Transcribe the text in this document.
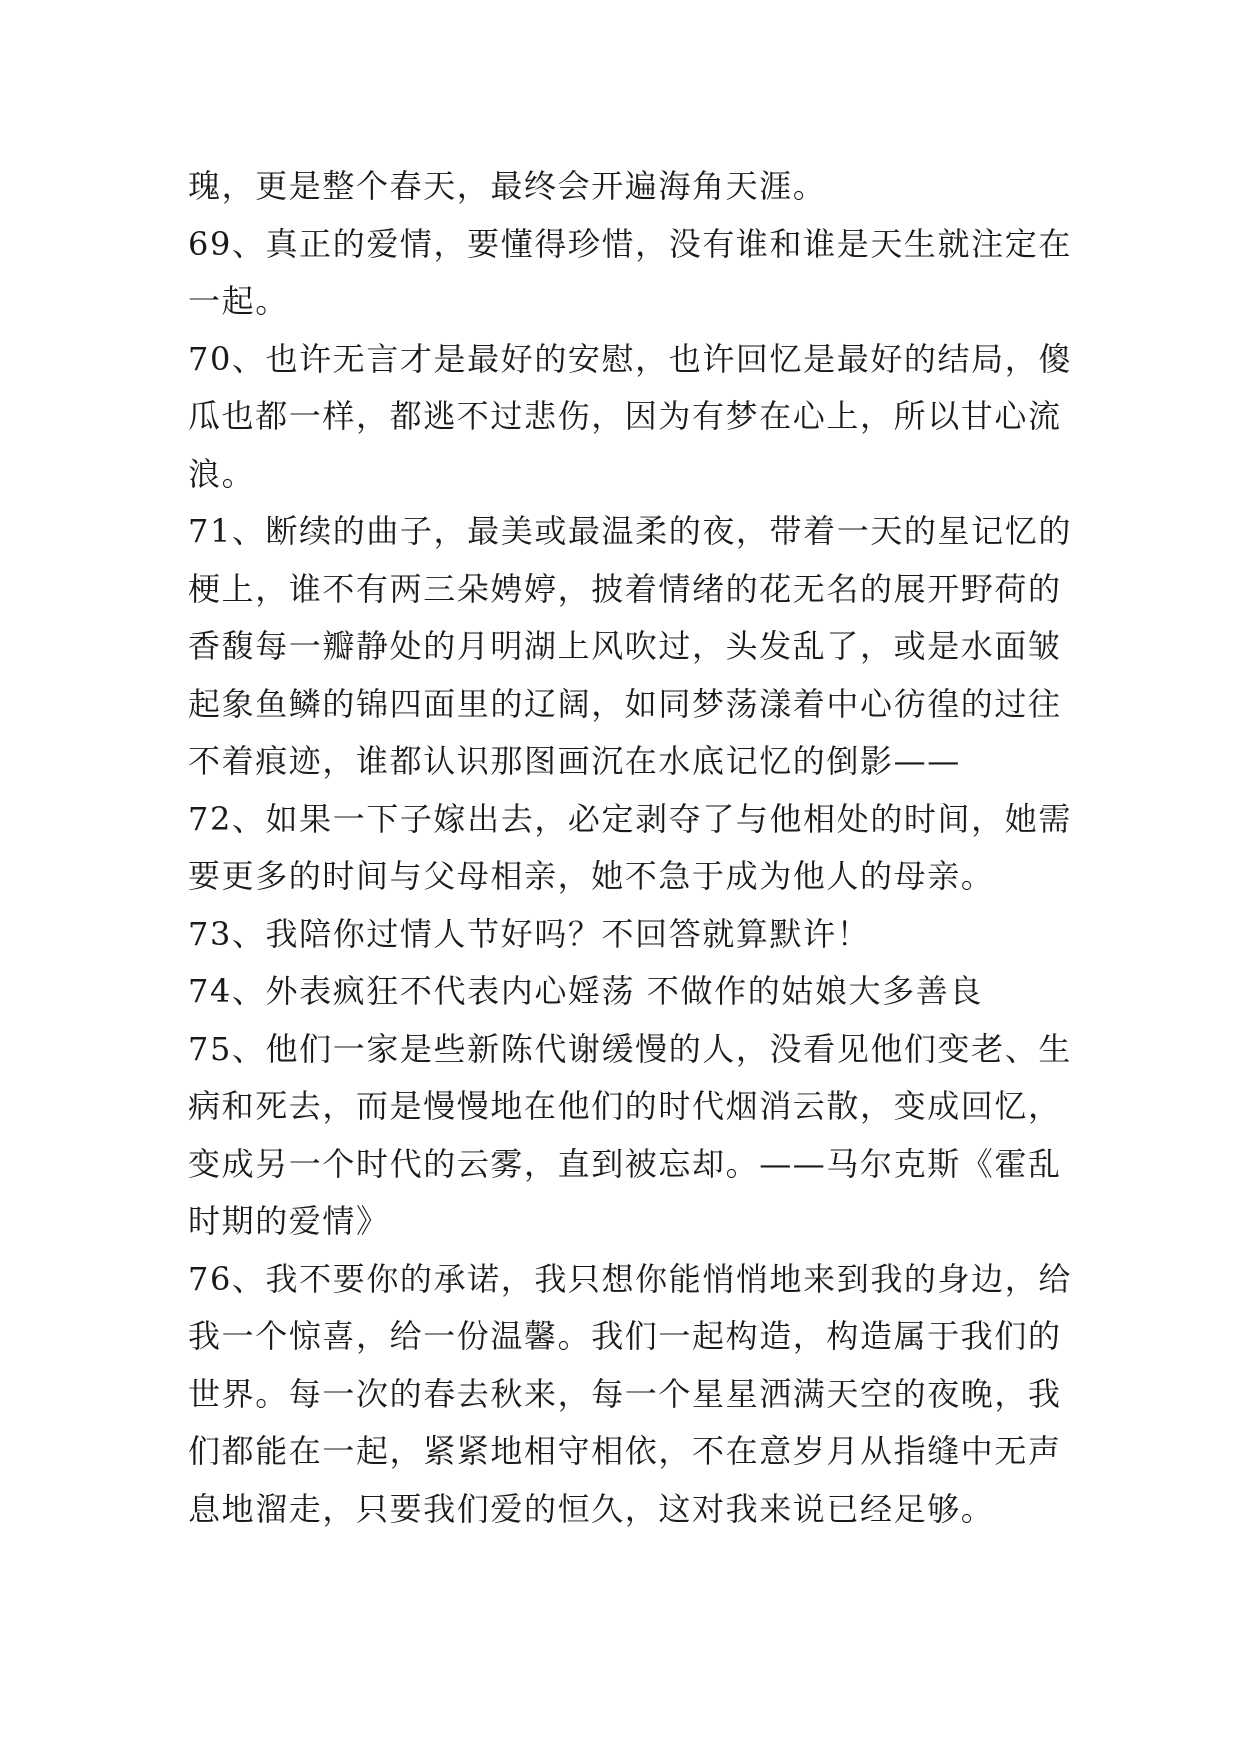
瑰，更是整个春天，最终会开遍海角天涯。
69、真正的爱情，要懂得珍惜，没有谁和谁是天生就注定在
一起。
70、也许无言才是最好的安慰，也许回忆是最好的结局，傻
瓜也都一样，都逃不过悲伤，因为有梦在心上，所以甘心流
浪。
71、断续的曲子，最美或最温柔的夜，带着一天的星记忆的
梗上，谁不有两三朵娉婷，披着情绪的花无名的展开野荷的
香馥每一瓣静处的月明湖上风吹过，头发乱了，或是水面皱
起象鱼鳞的锦四面里的辽阔，如同梦荡漾着中心彷徨的过往
不着痕迹，谁都认识那图画沉在水底记忆的倒影——
72、如果一下子嫁出去，必定剥夺了与他相处的时间，她需
要更多的时间与父母相亲，她不急于成为他人的母亲。
73、我陪你过情人节好吗？不回答就算默许！
74、外表疯狂不代表内心婬荡 不做作的姑娘大多善良
75、他们一家是些新陈代谢缓慢的人，没看见他们变老、生
病和死去，而是慢慢地在他们的时代烟消云散，变成回忆，
变成另一个时代的云雾，直到被忘却。——马尔克斯《霍乱
时期的爱情》
76、我不要你的承诺，我只想你能悄悄地来到我的身边，给
我一个惊喜，给一份温馨。我们一起构造，构造属于我们的
世界。每一次的春去秋来，每一个星星洒满天空的夜晚，我
们都能在一起，紧紧地相守相依，不在意岁月从指缝中无声
息地溜走，只要我们爱的恒久，这对我来说已经足够。
